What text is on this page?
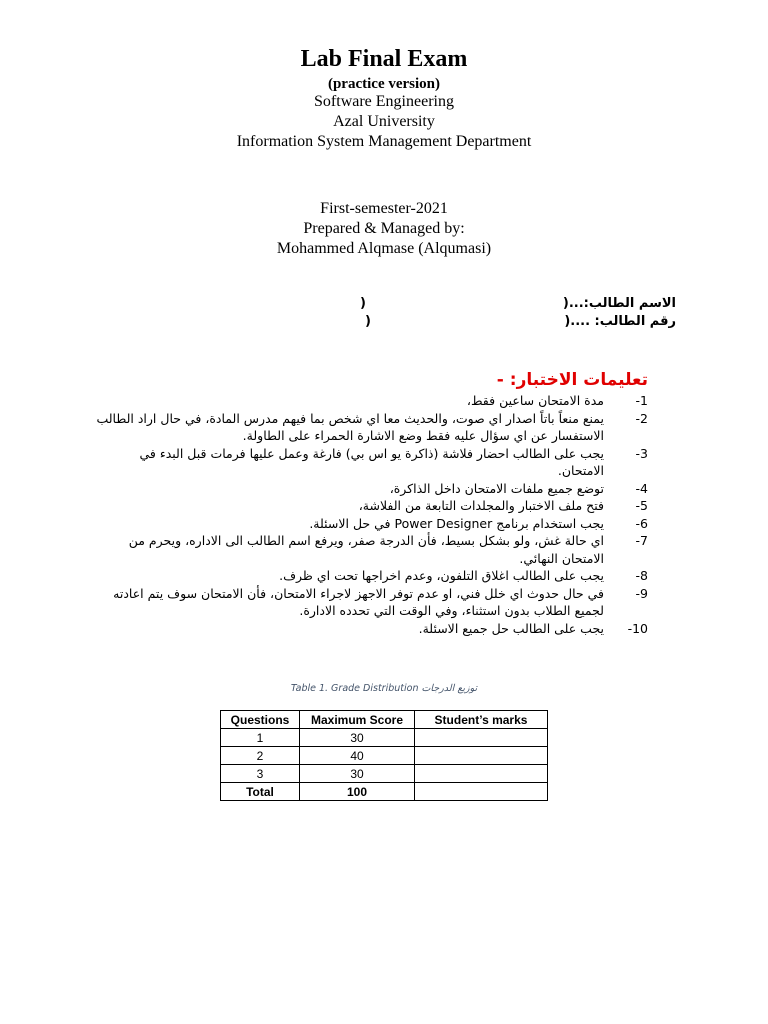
Lab Final Exam
(practice version)
Software Engineering
Azal University
Information System Management Department
First-semester-2021
Prepared & Managed by:
Mohammed Alqmase (Alqumasi)
الاسم الطالب:...(
)
رقم الطالب: ....(
)
تعليمات الاختبار: -
-1
مدة الامتحان ساعين فقط،
-2
يمنع منعاً باتاً اصدار اي صوت، والحديث معا اي شخص بما فيهم مدرس المادة، في حال اراد الطالب الاستفسار عن اي سؤال عليه فقط وضع الاشارة الحمراء على الطاولة.
-3
يجب على الطالب احضار فلاشة (ذاكرة يو اس بي) فارغة وعمل عليها فرمات قبل البدء في الامتحان.
-4
توضع جميع ملفات الامتحان داخل الذاكرة،
-5
فتح ملف الاختبار والمجلدات التابعة من الفلاشة،
-6
يجب استخدام برنامج Power Designer في حل الاسئلة.
-7
اي حالة غش، ولو بشكل بسيط، فأن الدرجة صفر، ويرفع اسم الطالب الى الاداره، ويحرم من الامتحان النهائي.
-8
يجب على الطالب اغلاق التلفون، وعدم اخراجها تحت اي ظرف.
-9
في حال حدوث اي خلل فني، او عدم توفر الاجهز لاجراء الامتحان، فأن الامتحان سوف يتم اعادته لجميع الطلاب بدون استثناء، وفي الوقت التي تحدده الادارة.
-10
يجب على الطالب حل جميع الاسئلة.
Table 1. Grade Distribution توزيع الدرجات
Questions	Maximum Score	Student’s marks
1	30	
2	40	
3	30	
Total	100	
